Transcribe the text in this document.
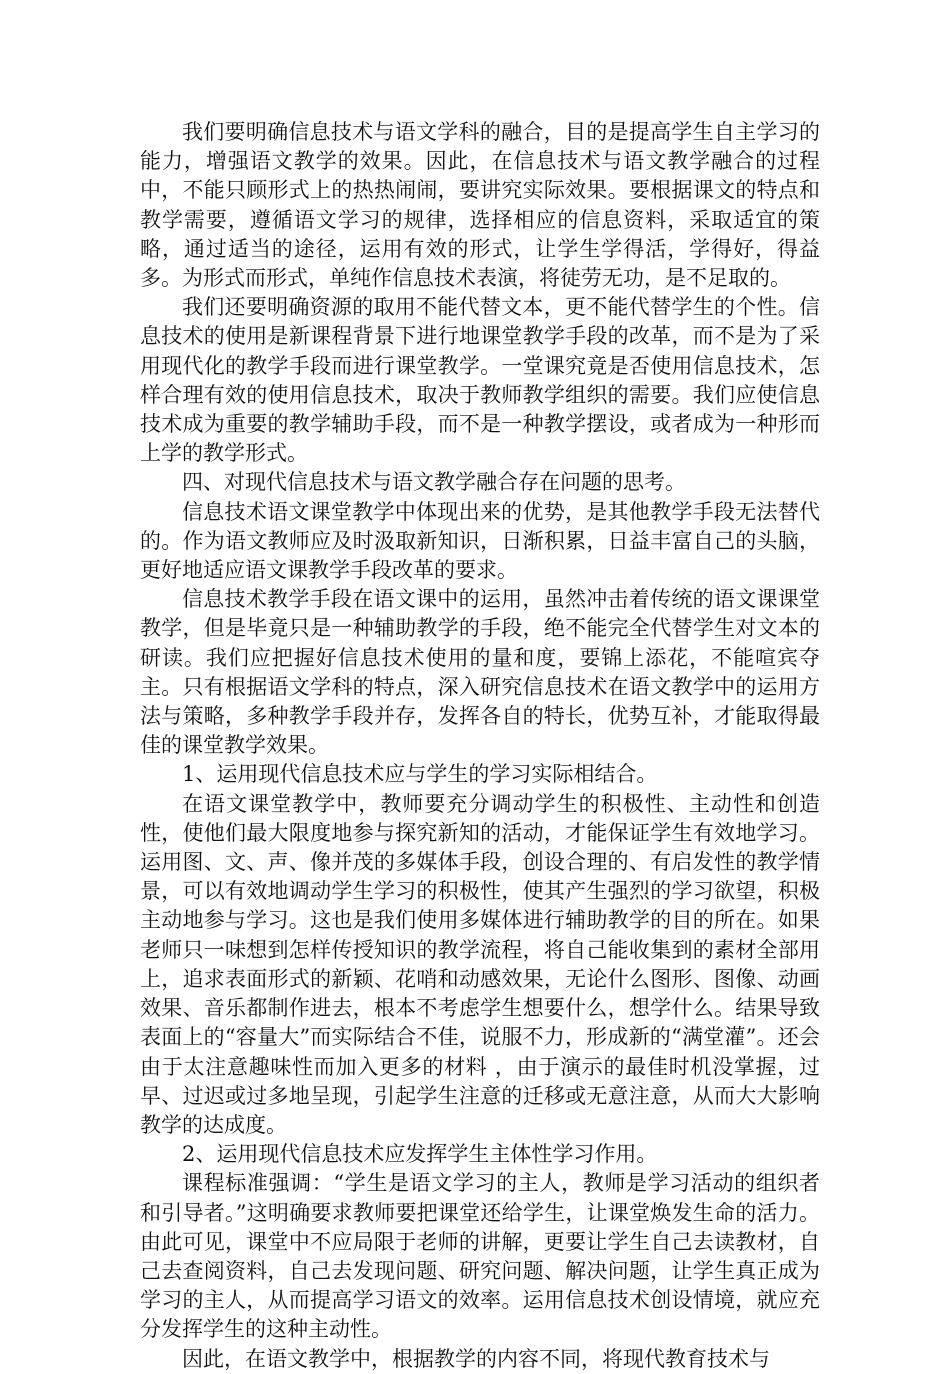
我们要明确信息技术与语文学科的融合，目的是提高学生自主学习的能力，增强语文教学的效果。因此，在信息技术与语文教学融合的过程中，不能只顾形式上的热热闹闹，要讲究实际效果。要根据课文的特点和教学需要，遵循语文学习的规律，选择相应的信息资料，采取适宜的策略，通过适当的途径，运用有效的形式，让学生学得活，学得好，得益多。为形式而形式，单纯作信息技术表演，将徒劳无功，是不足取的。

我们还要明确资源的取用不能代替文本，更不能代替学生的个性。信息技术的使用是新课程背景下进行地课堂教学手段的改革，而不是为了采用现代化的教学手段而进行课堂教学。一堂课究竟是否使用信息技术，怎样合理有效的使用信息技术，取决于教师教学组织的需要。我们应使信息技术成为重要的教学辅助手段，而不是一种教学摆设，或者成为一种形而上学的教学形式。

四、对现代信息技术与语文教学融合存在问题的思考。

信息技术语文课堂教学中体现出来的优势，是其他教学手段无法替代的。作为语文教师应及时汲取新知识，日渐积累，日益丰富自己的头脑，更好地适应语文课教学手段改革的要求。

信息技术教学手段在语文课中的运用，虽然冲击着传统的语文课课堂教学，但是毕竟只是一种辅助教学的手段，绝不能完全代替学生对文本的研读。我们应把握好信息技术使用的量和度，要锦上添花，不能喧宾夺主。只有根据语文学科的特点，深入研究信息技术在语文教学中的运用方法与策略，多种教学手段并存，发挥各自的特长，优势互补，才能取得最佳的课堂教学效果。

1、运用现代信息技术应与学生的学习实际相结合。

在语文课堂教学中，教师要充分调动学生的积极性、主动性和创造性，使他们最大限度地参与探究新知的活动，才能保证学生有效地学习。运用图、文、声、像并茂的多媒体手段，创设合理的、有启发性的教学情景，可以有效地调动学生学习的积极性，使其产生强烈的学习欲望，积极主动地参与学习。这也是我们使用多媒体进行辅助教学的目的所在。如果老师只一味想到怎样传授知识的教学流程，将自己能收集到的素材全部用上，追求表面形式的新颖、花哨和动感效果，无论什么图形、图像、动画效果、音乐都制作进去，根本不考虑学生想要什么，想学什么。结果导致表面上的“容量大”而实际结合不佳，说服不力，形成新的“满堂灌”。还会由于太注意趣味性而加入更多的材料 ，由于演示的最佳时机没掌握，过早、过迟或过多地呈现，引起学生注意的迁移或无意注意，从而大大影响教学的达成度。

2、运用现代信息技术应发挥学生主体性学习作用。

课程标准强调：“学生是语文学习的主人，教师是学习活动的组织者和引导者。”这明确要求教师要把课堂还给学生，让课堂焕发生命的活力。由此可见，课堂中不应局限于老师的讲解，更要让学生自己去读教材，自己去查阅资料，自己去发现问题、研究问题、解决问题，让学生真正成为学习的主人，从而提高学习语文的效率。运用信息技术创设情境，就应充分发挥学生的这种主动性。

因此，在语文教学中，根据教学的内容不同，将现代教育技术与
